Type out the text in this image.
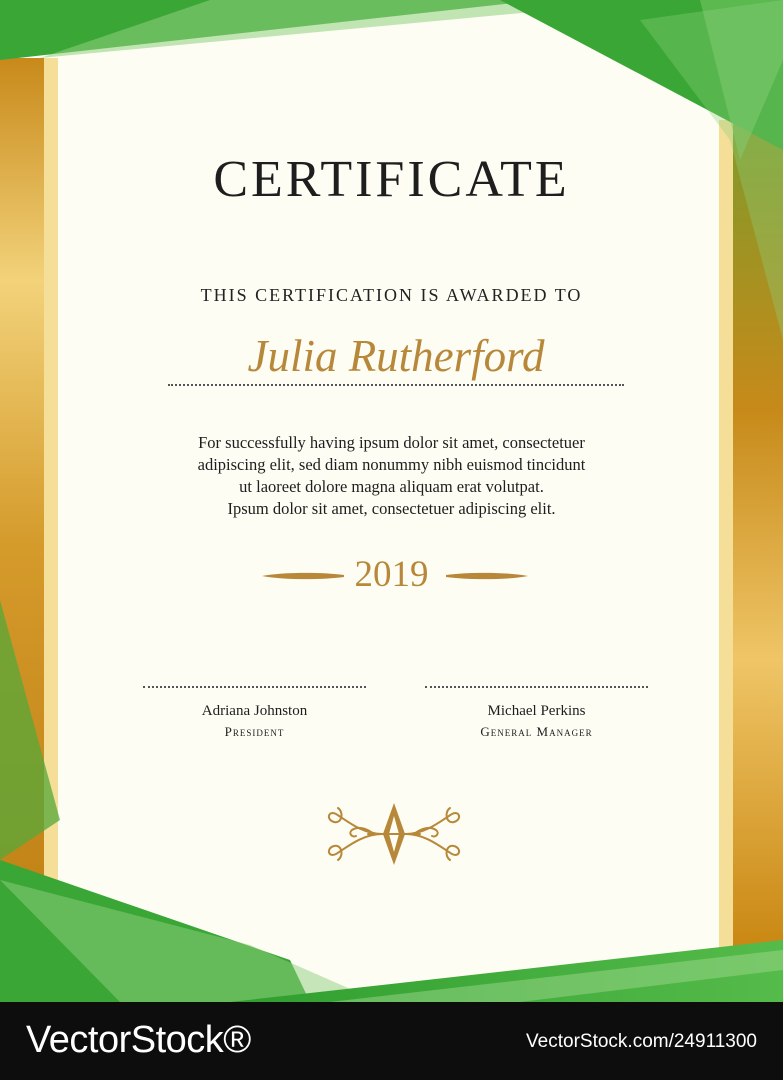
CERTIFICATE
THIS CERTIFICATION IS AWARDED TO
Julia Rutherford
For successfully having ipsum dolor sit amet, consectetuer
adipiscing elit, sed diam nonummy nibh euismod tincidunt
ut laoreet dolore magna aliquam erat volutpat.
Ipsum dolor sit amet, consectetuer adipiscing elit.
2019
Adriana Johnston
President
Michael Perkins
General Manager
VectorStock®	VectorStock.com/24911300
